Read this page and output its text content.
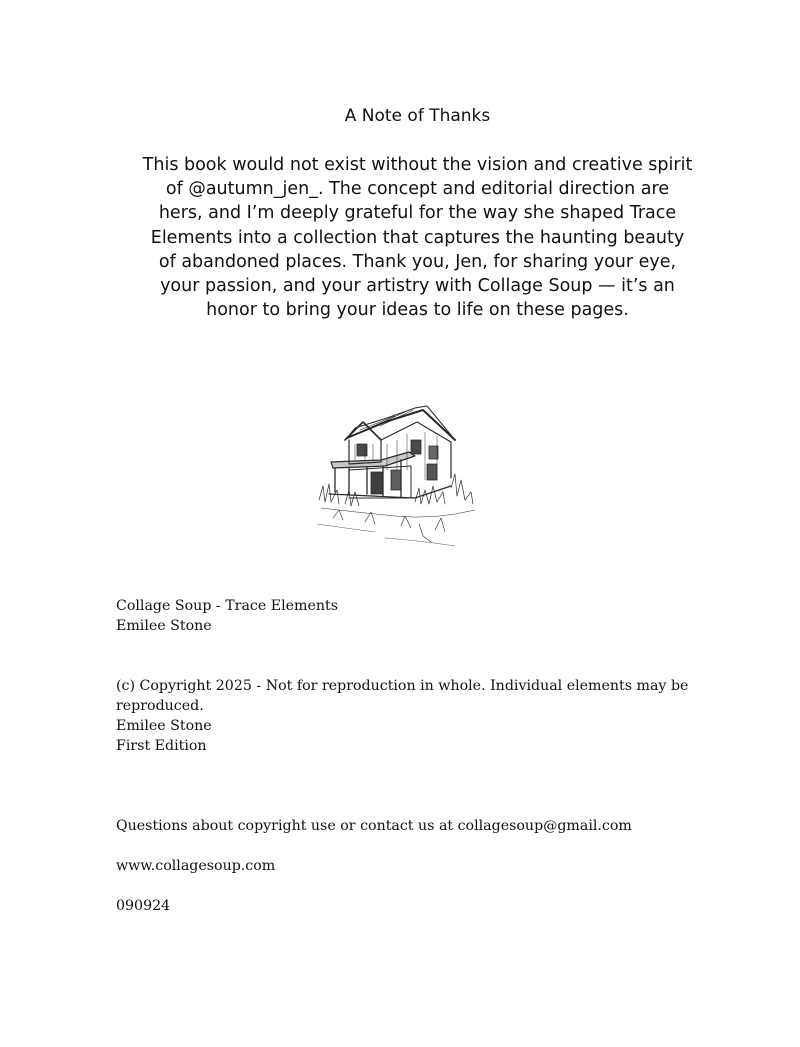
A Note of Thanks
This book would not exist without the vision and creative spirit
of @autumn_jen_. The concept and editorial direction are
hers, and I’m deeply grateful for the way she shaped Trace
Elements into a collection that captures the haunting beauty
of abandoned places. Thank you, Jen, for sharing your eye,
your passion, and your artistry with Collage Soup — it’s an
honor to bring your ideas to life on these pages.
Collage Soup - Trace Elements
Emilee Stone
(c) Copyright 2025 - Not for reproduction in whole. Individual elements may be
reproduced.
Emilee Stone
First Edition
Questions about copyright use or contact us at collagesoup@gmail.com
www.collagesoup.com
090924
